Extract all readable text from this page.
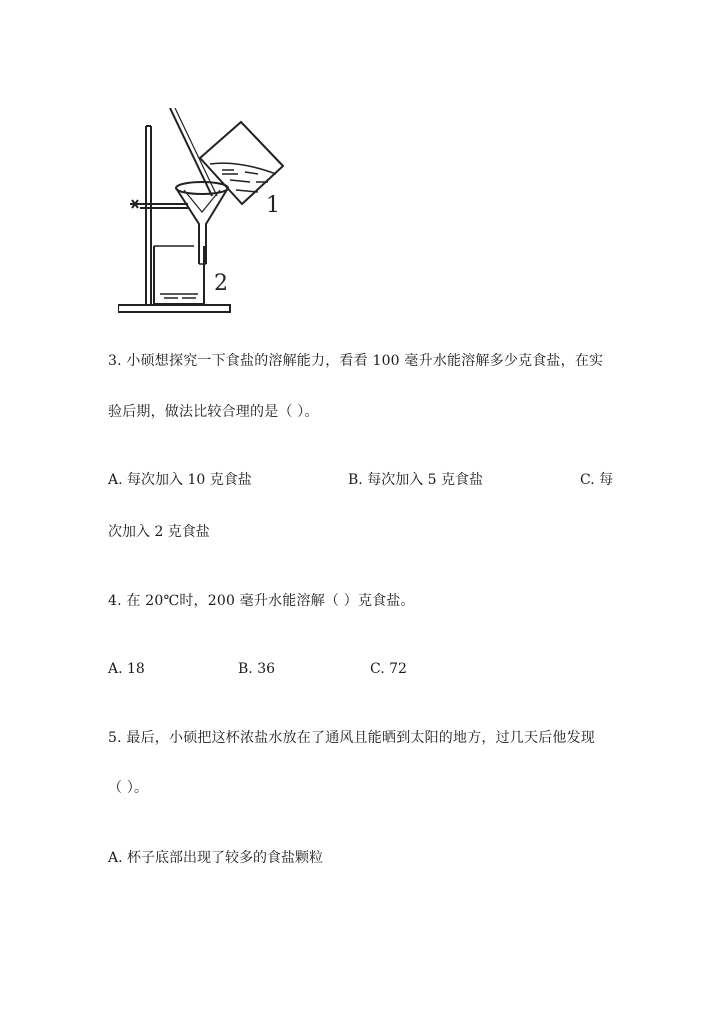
1
2
3. 小硕想探究一下食盐的溶解能力，看看 100 毫升水能溶解多少克食盐，在实
验后期，做法比较合理的是（ ）。
A. 每次加入 10 克食盐	B. 每次加入 5 克食盐	C. 每
次加入 2 克食盐
4. 在 20℃时，200 毫升水能溶解（ ）克食盐。
A. 18	B. 36	C. 72
5. 最后，小硕把这杯浓盐水放在了通风且能晒到太阳的地方，过几天后他发现
（ ）。
A. 杯子底部出现了较多的食盐颗粒
